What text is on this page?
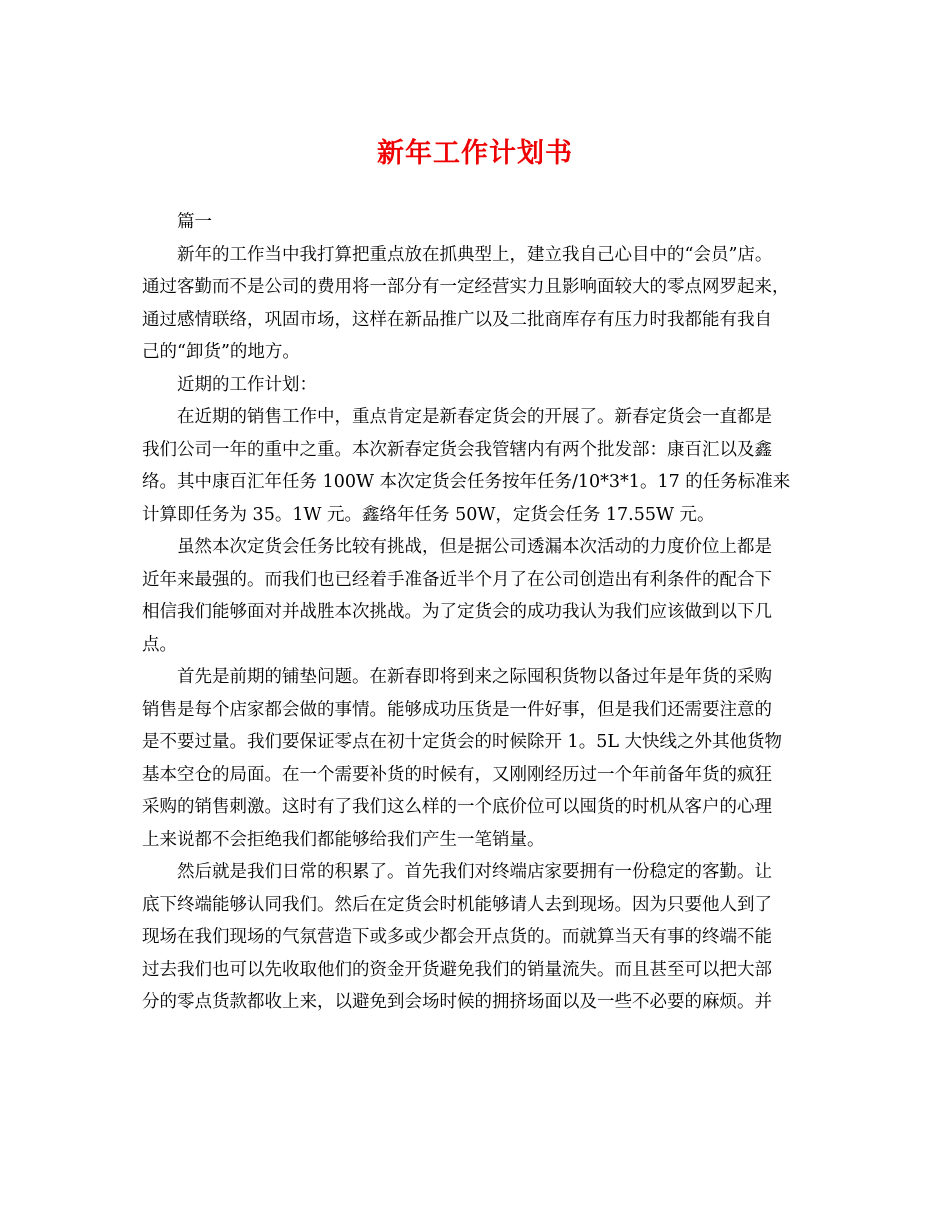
新年工作计划书
篇一
新年的工作当中我打算把重点放在抓典型上，建立我自己心目中的“会员”店。
通过客勤而不是公司的费用将一部分有一定经营实力且影响面较大的零点网罗起来，
通过感情联络，巩固市场，这样在新品推广以及二批商库存有压力时我都能有我自
己的“卸货”的地方。
近期的工作计划：
在近期的销售工作中，重点肯定是新春定货会的开展了。新春定货会一直都是
我们公司一年的重中之重。本次新春定货会我管辖内有两个批发部：康百汇以及鑫
络。其中康百汇年任务 100W 本次定货会任务按年任务/10*3*1。17 的任务标准来
计算即任务为 35。1W 元。鑫络年任务 50W，定货会任务 17.55W 元。
虽然本次定货会任务比较有挑战，但是据公司透漏本次活动的力度价位上都是
近年来最强的。而我们也已经着手准备近半个月了在公司创造出有利条件的配合下
相信我们能够面对并战胜本次挑战。为了定货会的成功我认为我们应该做到以下几
点。
首先是前期的铺垫问题。在新春即将到来之际囤积货物以备过年是年货的采购
销售是每个店家都会做的事情。能够成功压货是一件好事，但是我们还需要注意的
是不要过量。我们要保证零点在初十定货会的时候除开 1。5L 大快线之外其他货物
基本空仓的局面。在一个需要补货的时候有，又刚刚经历过一个年前备年货的疯狂
采购的销售刺激。这时有了我们这么样的一个底价位可以囤货的时机从客户的心理
上来说都不会拒绝我们都能够给我们产生一笔销量。
然后就是我们日常的积累了。首先我们对终端店家要拥有一份稳定的客勤。让
底下终端能够认同我们。然后在定货会时机能够请人去到现场。因为只要他人到了
现场在我们现场的气氛营造下或多或少都会开点货的。而就算当天有事的终端不能
过去我们也可以先收取他们的资金开货避免我们的销量流失。而且甚至可以把大部
分的零点货款都收上来，以避免到会场时候的拥挤场面以及一些不必要的麻烦。并
